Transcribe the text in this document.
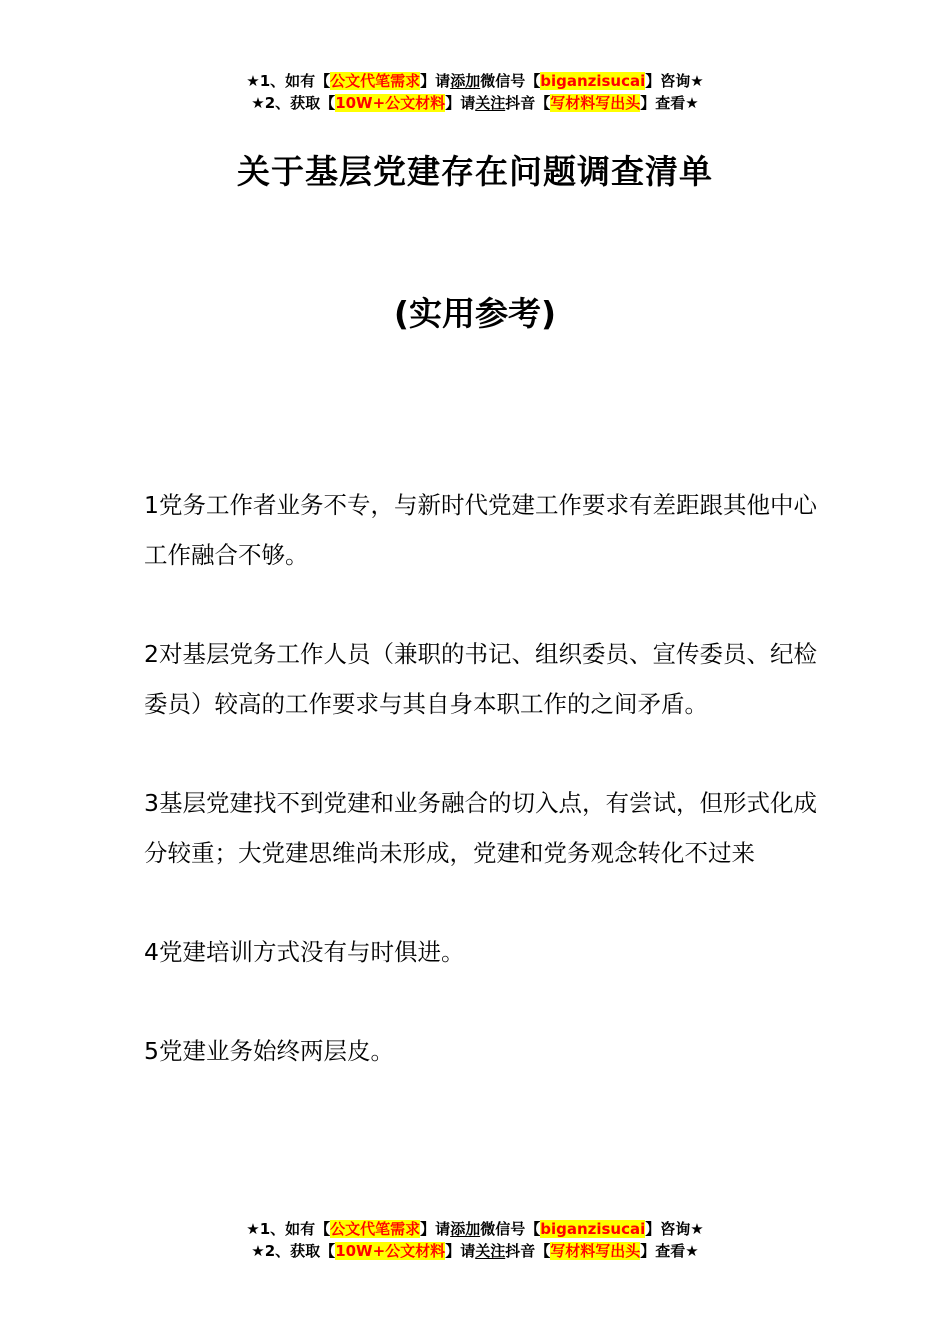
★1、如有【公文代笔需求】请添加微信号【biganzisucai】咨询★
★2、获取【10W+公文材料】请关注抖音【写材料写出头】查看★
关于基层党建存在问题调查清单
(实用参考)

1党务工作者业务不专，与新时代党建工作要求有差距跟其他中心工作融合不够。

2对基层党务工作人员（兼职的书记、组织委员、宣传委员、纪检委员）较高的工作要求与其自身本职工作的之间矛盾。

3基层党建找不到党建和业务融合的切入点，有尝试，但形式化成分较重；大党建思维尚未形成，党建和党务观念转化不过来

4党建培训方式没有与时俱进。

5党建业务始终两层皮。

★1、如有【公文代笔需求】请添加微信号【biganzisucai】咨询★
★2、获取【10W+公文材料】请关注抖音【写材料写出头】查看★
